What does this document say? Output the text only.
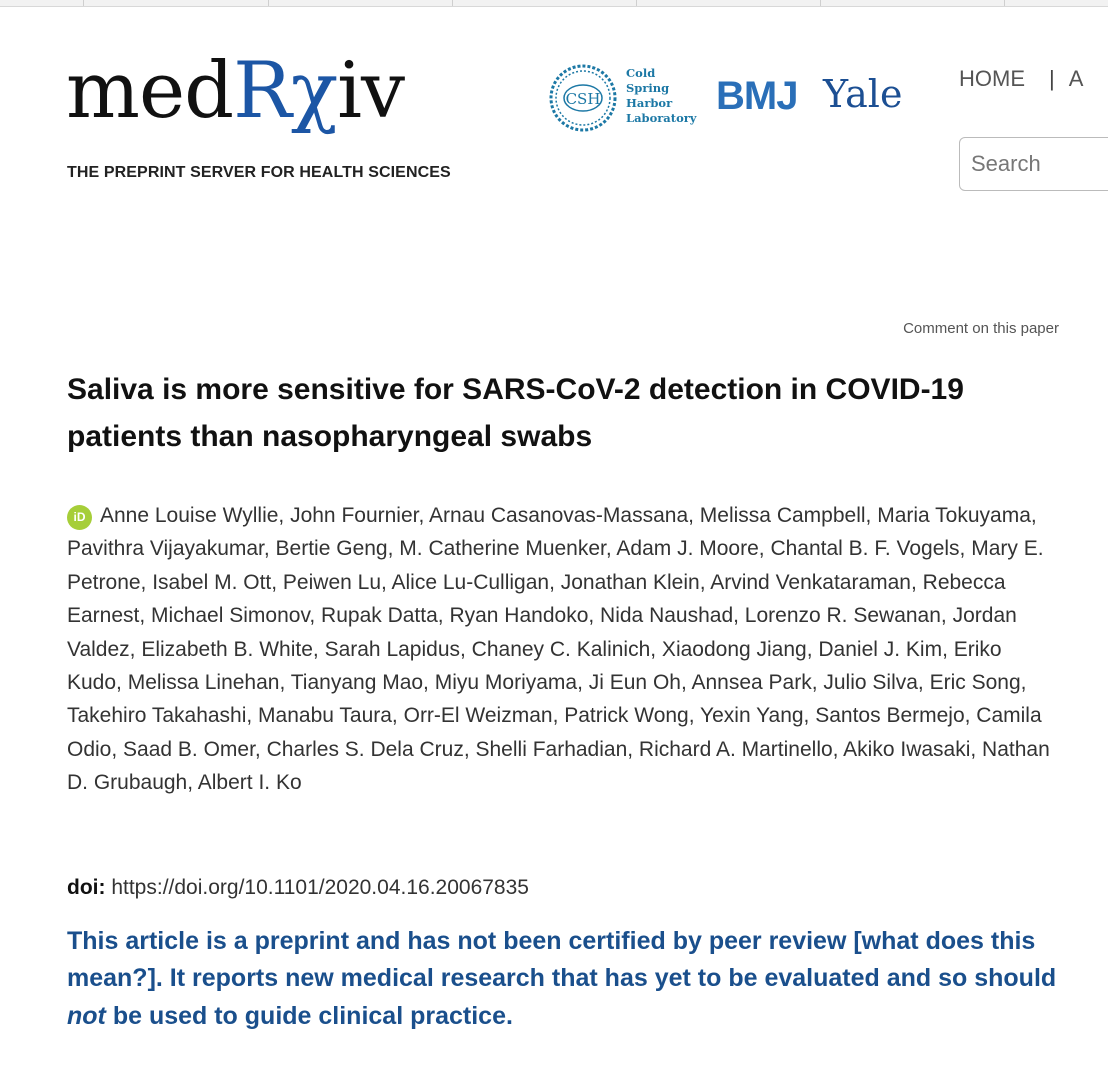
medRχiv
THE PREPRINT SERVER FOR HEALTH SCIENCES
CSH
Cold
Spring
Harbor
Laboratory BMJ Yale	HOME | A
Search
Comment on this paper
Saliva is more sensitive for SARS-CoV-2 detection in COVID-19 patients than nasopharyngeal swabs
iD Anne Louise Wyllie, John Fournier, Arnau Casanovas-Massana, Melissa Campbell, Maria Tokuyama, Pavithra Vijayakumar, Bertie Geng, M. Catherine Muenker, Adam J. Moore, Chantal B. F. Vogels, Mary E. Petrone, Isabel M. Ott, Peiwen Lu, Alice Lu-Culligan, Jonathan Klein, Arvind Venkataraman, Rebecca Earnest, Michael Simonov, Rupak Datta, Ryan Handoko, Nida Naushad, Lorenzo R. Sewanan, Jordan Valdez, Elizabeth B. White, Sarah Lapidus, Chaney C. Kalinich, Xiaodong Jiang, Daniel J. Kim, Eriko Kudo, Melissa Linehan, Tianyang Mao, Miyu Moriyama, Ji Eun Oh, Annsea Park, Julio Silva, Eric Song, Takehiro Takahashi, Manabu Taura, Orr-El Weizman, Patrick Wong, Yexin Yang, Santos Bermejo, Camila Odio, Saad B. Omer, Charles S. Dela Cruz, Shelli Farhadian, Richard A. Martinello, Akiko Iwasaki, Nathan D. Grubaugh, Albert I. Ko
doi: https://doi.org/10.1101/2020.04.16.20067835

This article is a preprint and has not been certified by peer review [what does this mean?]. It reports new medical research that has yet to be evaluated and so should not be used to guide clinical practice.
